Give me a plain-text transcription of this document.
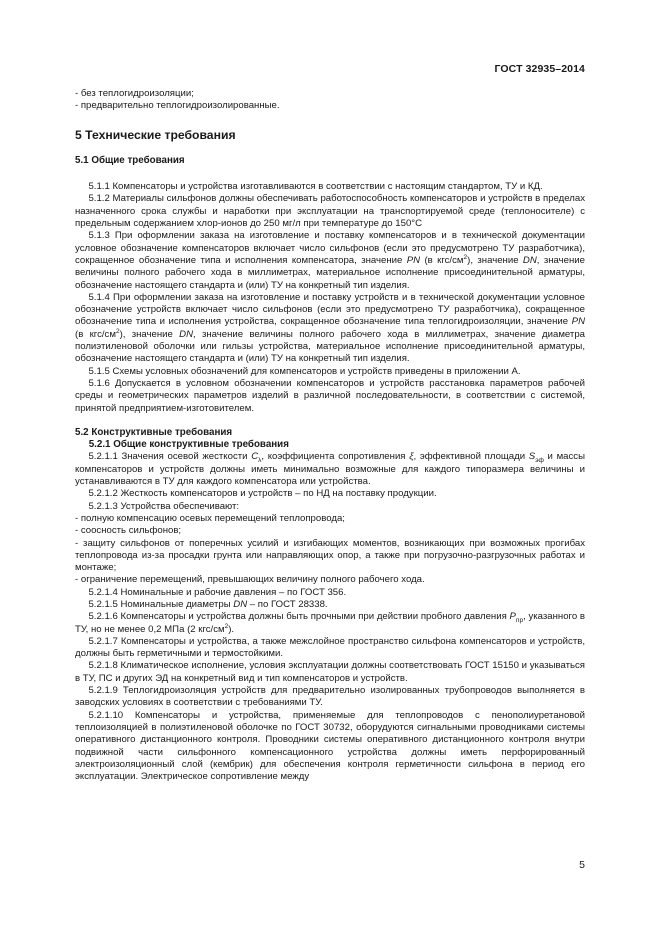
ГОСТ 32935–2014

- без теплогидроизоляции;

- предварительно теплогидроизолированные.

5 Технические требования

5.1 Общие требования

5.1.1 Компенсаторы и устройства изготавливаются в соответствии с настоящим стандартом, ТУ и КД.

5.1.2 Материалы сильфонов должны обеспечивать работоспособность компенсаторов и устройств в пределах назначенного срока службы и наработки при эксплуатации на транспортируемой среде (теплоносителе) с предельным содержанием хлор-ионов до 250 мг/л при температуре до 150°С

5.1.3 При оформлении заказа на изготовление и поставку компенсаторов и в технической документации условное обозначение компенсаторов включает число сильфонов (если это предусмотрено ТУ разработчика), сокращенное обозначение типа и исполнения компенсатора, значение PN (в кгс/$см^2$), значение DN, значение величины полного рабочего хода в миллиметрах, материальное исполнение присоединительной арматуры, обозначение настоящего стандарта и (или) ТУ на конкретный тип изделия.

5.1.4 При оформлении заказа на изготовление и поставку устройств и в технической документации условное обозначение устройств включает число сильфонов (если это предусмотрено ТУ разработчика), сокращенное обозначение типа и исполнения устройства, сокращенное обозначение типа теплогидроизоляции, значение PN (в кгс/$см^2$), значение DN, значение величины полного рабочего хода в миллиметрах, значение диаметра полиэтиленовой оболочки или гильзы устройства, материальное исполнение присоединительной арматуры, обозначение настоящего стандарта и (или) ТУ на конкретный тип изделия.

5.1.5 Схемы условных обозначений для компенсаторов и устройств приведены в приложении А.

5.1.6 Допускается в условном обозначении компенсаторов и устройств расстановка параметров рабочей среды и геометрических параметров изделий в различной последовательности, в соответствии с системой, принятой предприятием-изготовителем.

5.2 Конструктивные требования

5.2.1 Общие конструктивные требования

5.2.1.1 Значения осевой жесткости $C_\lambda$, коэффициента сопротивления ξ, эффективной площади $S_{эф}$ и массы компенсаторов и устройств должны иметь минимально возможные для каждого типоразмера величины и устанавливаются в ТУ для каждого компенсатора или устройства.

5.2.1.2 Жесткость компенсаторов и устройств – по НД на поставку продукции.

5.2.1.3 Устройства обеспечивают:

- полную компенсацию осевых перемещений теплопровода;

- соосность сильфонов;

- защиту сильфонов от поперечных усилий и изгибающих моментов, возникающих при возможных прогибах теплопровода из-за просадки грунта или направляющих опор, а также при погрузочно-разгрузочных работах и монтаже;

- ограничение перемещений, превышающих величину полного рабочего хода.

5.2.1.4 Номинальные и рабочие давления – по ГОСТ 356.

5.2.1.5 Номинальные диаметры DN – по ГОСТ 28338.

5.2.1.6 Компенсаторы и устройства должны быть прочными при действии пробного давления $P_{пр}$, указанного в ТУ, но не менее 0,2 МПа (2 кгс/$см^2$).

5.2.1.7 Компенсаторы и устройства, а также межслойное пространство сильфона компенсаторов и устройств, должны быть герметичными и термостойкими.

5.2.1.8 Климатическое исполнение, условия эксплуатации должны соответствовать ГОСТ 15150 и указываться в ТУ, ПС и других ЭД на конкретный вид и тип компенсаторов и устройств.

5.2.1.9 Теплогидроизоляция устройств для предварительно изолированных трубопроводов выполняется в заводских условиях в соответствии с требованиями ТУ.

5.2.1.10 Компенсаторы и устройства, применяемые для теплопроводов с пенополиуретановой теплоизоляцией в полиэтиленовой оболочке по ГОСТ 30732, оборудуются сигнальными проводниками системы оперативного дистанционного контроля. Проводники системы оперативного дистанционного контроля внутри подвижной части сильфонного компенсационного устройства должны иметь перфорированный электроизоляционный слой (кембрик) для обеспечения контроля герметичности сильфона в период его эксплуатации. Электрическое сопротивление между

5
